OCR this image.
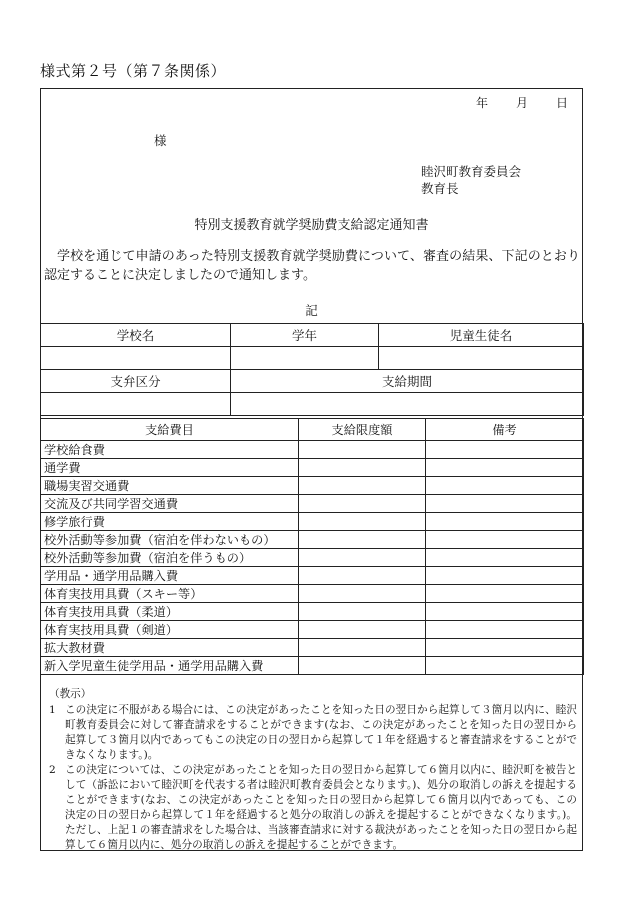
様式第２号（第７条関係）
年 月 日
様
睦沢町教育委員会
教育長
特別支援教育就学奨励費支給認定通知書
学校を通じて申請のあった特別支援教育就学奨励費について、審査の結果、下記のとおり認定することに決定しましたので通知します。
記
学校名	学年	児童生徒名

支弁区分	支給期間	

支給費目	支給限度額	備考
学校給食費		
通学費		
職場実習交通費		
交流及び共同学習交通費		
修学旅行費		
校外活動等参加費（宿泊を伴わないもの）		
校外活動等参加費（宿泊を伴うもの）		
学用品・通学用品購入費		
体育実技用具費（スキー等）		
体育実技用具費（柔道）		
体育実技用具費（剣道）		
拡大教材費		
新入学児童生徒学用品・通学用品購入費		
（教示）
1 この決定に不服がある場合には、この決定があったことを知った日の翌日から起算して３箇月以内に、睦沢町教育委員会に対して審査請求をすることができます(なお、この決定があったことを知った日の翌日から起算して３箇月以内であってもこの決定の日の翌日から起算して１年を経過すると審査請求をすることができなくなります。)。
2 この決定については、この決定があったことを知った日の翌日から起算して６箇月以内に、睦沢町を被告として（訴訟において睦沢町を代表する者は睦沢町教育委員会となります。)、処分の取消しの訴えを提起することができます(なお、この決定があったことを知った日の翌日から起算して６箇月以内であっても、この決定の日の翌日から起算して１年を経過すると処分の取消しの訴えを提起することができなくなります。)。ただし、上記１の審査請求をした場合は、当該審査請求に対する裁決があったことを知った日の翌日から起算して６箇月以内に、処分の取消しの訴えを提起することができます。
